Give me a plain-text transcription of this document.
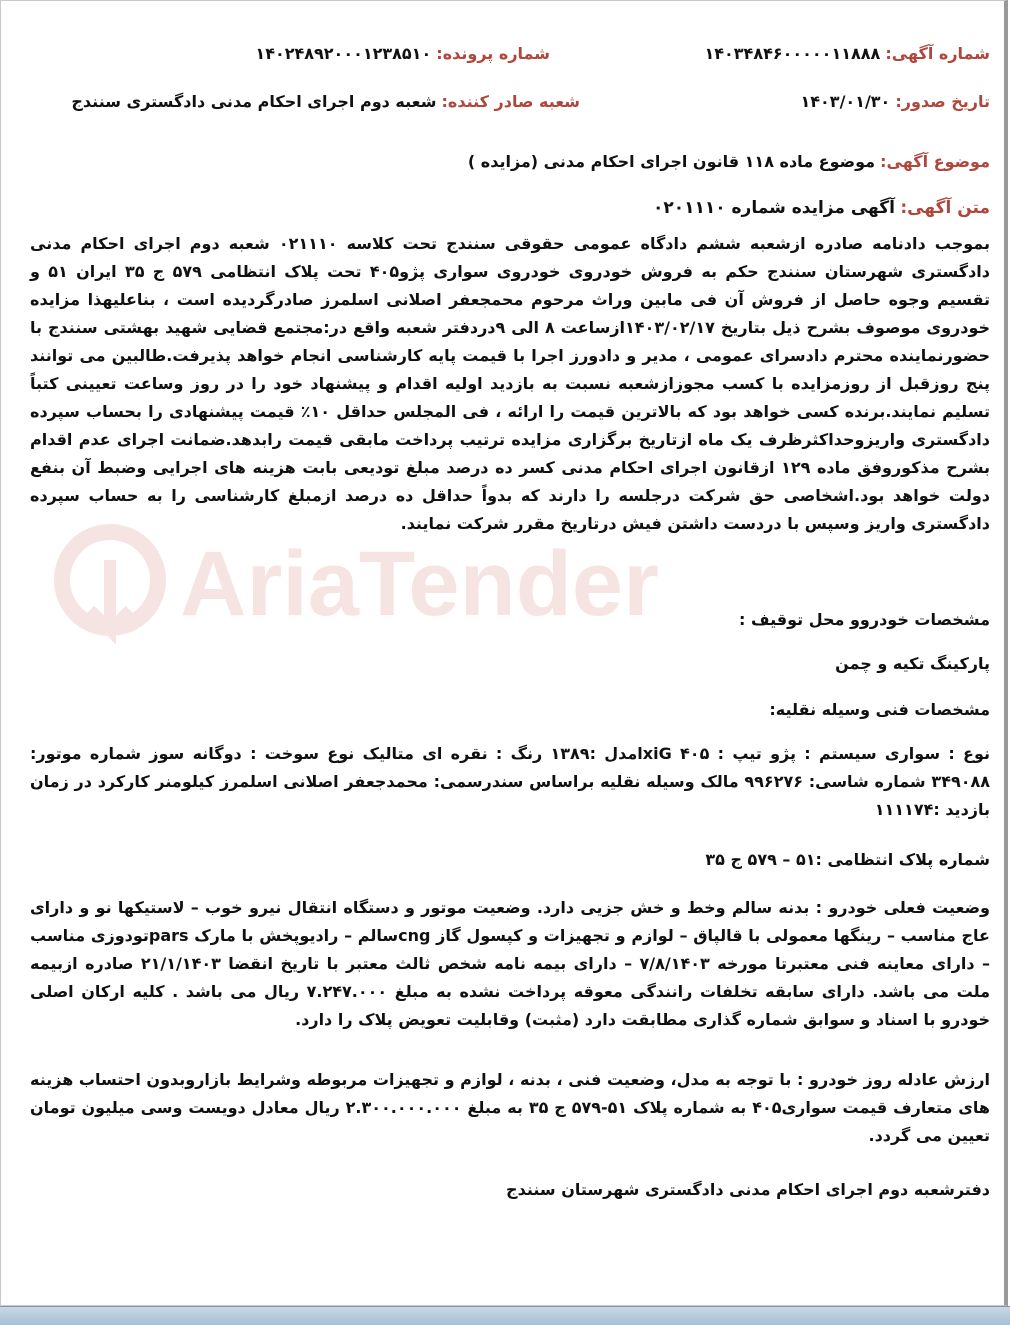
شماره آگهی: ۱۴۰۳۴۸۴۶۰۰۰۰۰۱۱۸۸۸
شماره پرونده: ۱۴۰۲۴۸۹۲۰۰۰۱۲۳۸۵۱۰
تاریخ صدور: ۱۴۰۳/۰۱/۳۰
شعبه صادر کننده: شعبه دوم اجرای احکام مدنی دادگستری سنندج
موضوع آگهی: موضوع ماده ۱۱۸ قانون اجرای احکام مدنی (مزایده )
متن آگهی: آگهی مزایده شماره ۰۲۰۱۱۱۰
بموجب دادنامه صادره ازشعبه ششم دادگاه عمومی حقوقی سنندج تحت کلاسه ۰۲۱۱۱۰ شعبه دوم اجرای احکام مدنی دادگستری شهرستان سنندج حکم به فروش خودروی خودروی سواری پژو۴۰۵ تحت پلاک انتظامی ۵۷۹ ج ۳۵ ایران ۵۱ و تقسیم وجوه حاصل از فروش آن فی مابین وراث مرحوم محمجعفر اصلانی اسلمرز صادرگردیده است ، بناعلیهذا مزایده خودروی موصوف بشرح ذیل بتاریخ ۱۴۰۳/۰۲/۱۷ازساعت ۸ الی ۹دردفتر شعبه واقع در:مجتمع قضایی شهید بهشتی سنندج با حضورنماینده محترم دادسرای عمومی ، مدیر و دادورز اجرا با قیمت پایه کارشناسی انجام خواهد پذیرفت.طالبین می توانند پنج روزقبل از روزمزایده با کسب مجوزازشعبه نسبت به بازدید اولیه اقدام و پیشنهاد خود را در روز وساعت تعیینی کتباً تسلیم نمایند.برنده کسی خواهد بود که بالاترین قیمت را ارائه ، فی المجلس حداقل ۱۰٪ قیمت پیشنهادی را بحساب سپرده دادگستری واریزوحداکثرظرف یک ماه ازتاریخ برگزاری مزایده ترتیب پرداخت مابقی قیمت رابدهد.ضمانت اجرای عدم اقدام بشرح مذکوروفق ماده ۱۲۹ ازقانون اجرای احکام مدنی کسر ده درصد مبلغ تودیعی بابت هزینه های اجرایی وضبط آن بنفع دولت خواهد بود.اشخاصی حق شرکت درجلسه را دارند که بدواً حداقل ده درصد ازمبلغ کارشناسی را به حساب سپرده دادگستری واریز وسپس با دردست داشتن فیش درتاریخ مقرر شرکت نمایند.
مشخصات خودروو محل توقیف :
پارکینگ تکیه و چمن
مشخصات فنی وسیله نقلیه:
نوع : سواری سیستم : پژو تیپ : ۴۰۵ lxiGمدل :۱۳۸۹ رنگ : نقره ای متالیک نوع سوخت : دوگانه سوز شماره موتور: ۳۴۹۰۸۸ شماره شاسی: ۹۹۶۲۷۶ مالک وسیله نقلیه براساس سندرسمی: محمدجعفر اصلانی اسلمرز کیلومنر کارکرد در زمان بازدید :۱۱۱۱۷۴
شماره پلاک انتظامی :۵۱ – ۵۷۹ ج ۳۵
وضعیت فعلی خودرو : بدنه سالم وخط و خش جزیی دارد. وضعیت موتور و دستگاه انتقال نیرو خوب – لاستیکها نو و دارای عاج مناسب – رینگها معمولی با قالپاق – لوازم و تجهیزات و کپسول گاز cngسالم – رادیوپخش با مارک parsتودوزی مناسب – دارای معاینه فنی معتبرتا مورخه ۷/۸/۱۴۰۳ – دارای بیمه نامه شخص ثالث معتبر با تاریخ انقضا ۲۱/۱/۱۴۰۳ صادره ازبیمه ملت می باشد. دارای سابقه تخلفات رانندگی معوقه پرداخت نشده به مبلغ ۷.۲۴۷.۰۰۰ ریال می باشد . کلیه ارکان اصلی خودرو با اسناد و سوابق شماره گذاری مطابقت دارد (مثبت) وقابلیت تعویض پلاک را دارد.
ارزش عادله روز خودرو : با توجه به مدل، وضعیت فنی ، بدنه ، لوازم و تجهیزات مربوطه وشرایط بازاروبدون احتساب هزینه های متعارف قیمت سواری۴۰۵ به شماره پلاک ۵۱-۵۷۹ ج ۳۵ به مبلغ ۲.۳۰۰.۰۰۰.۰۰۰ ریال معادل دویست وسی میلیون تومان تعیین می گردد.
دفترشعبه دوم اجرای احکام مدنی دادگستری شهرستان سنندج
